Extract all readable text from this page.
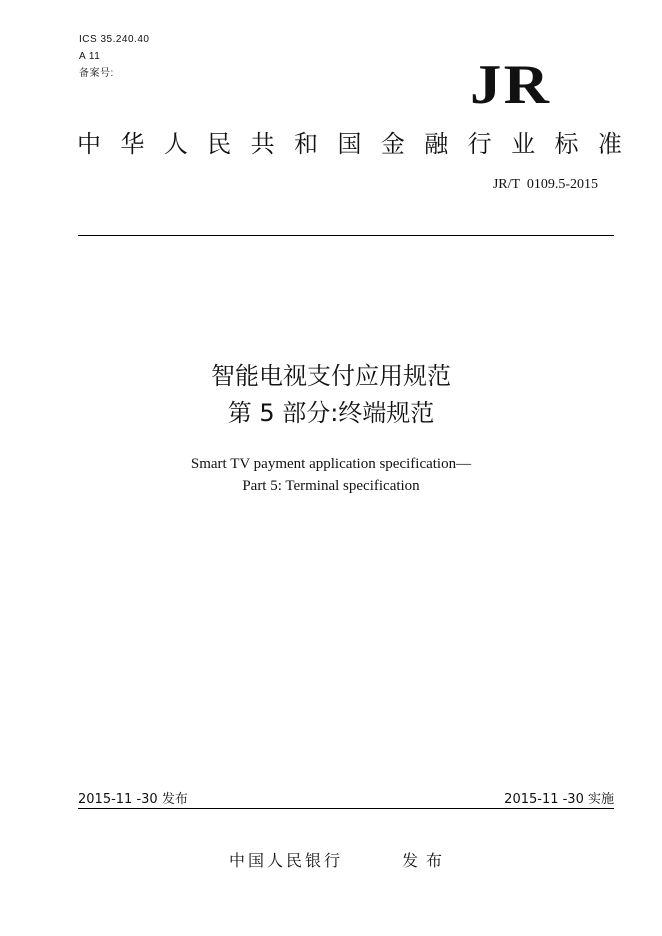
ICS 35.240.40
A 11
备案号:	JR
中 华 人 民 共 和 国 金 融 行 业 标 准
JR/T  0109.5-2015
智能电视支付应用规范
第 5 部分:终端规范
Smart TV payment application specification—
Part 5: Terminal specification
2015-11 -30 发布	2015-11 -30 实施
中国人民银行	发布
